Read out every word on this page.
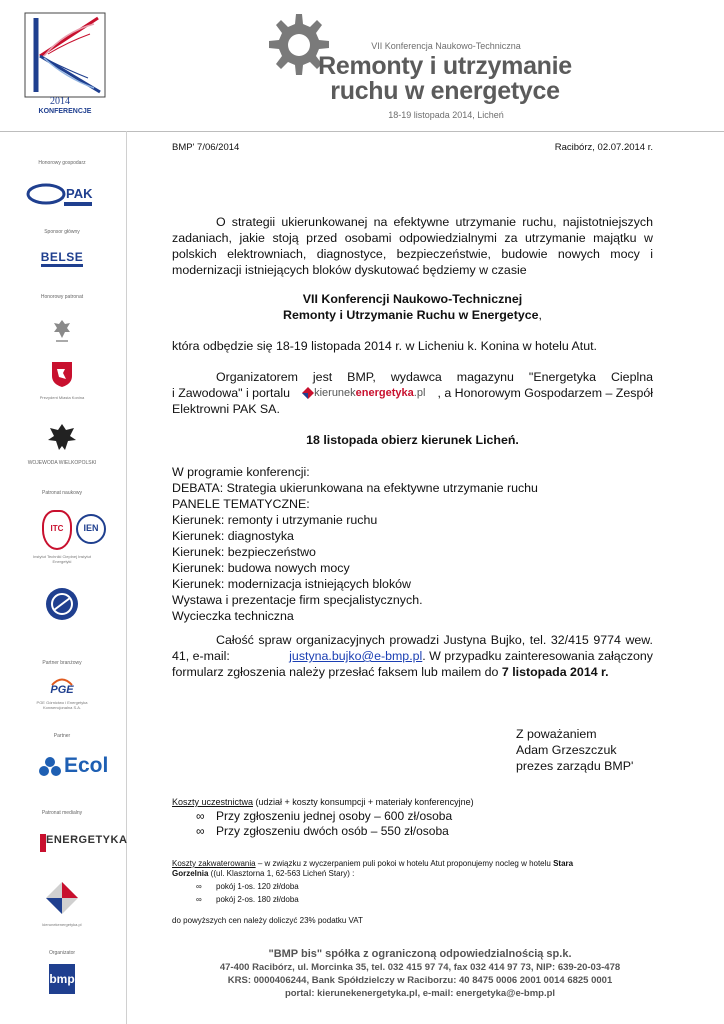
2014
KONFERENCJE
VII Konferencja Naukowo-Techniczna
Remonty i utrzymanie
ruchu w energetyce
18-19 listopada 2014, Licheń
Honorowy gospodarz
PAK
Sponsor główny
BELSE
Honorowy patronat
Prezydent Miasta Konina
WOJEWODA WIELKOPOLSKI
Patronat naukowy
ITC	IEN
Instytut Techniki Cieplnej Instytut Energetyki
Partner branżowy
PGE
PGE Górnictwo i Energetyka Konwencjonalna S.A.
Partner
Ecol
Patronat medialny
ENERGETYKA
kierunekenergetyka.pl
Organizator
bmp
BMP' 7/06/2014	Racibórz, 02.07.2014 r.
O strategii ukierunkowanej na efektywne utrzymanie ruchu, najistotniejszych zadaniach, jakie stoją przed osobami odpowiedzialnymi za utrzymanie majątku w polskich elektrowniach, diagnostyce, bezpieczeństwie, budowie nowych mocy i modernizacji istniejących bloków dyskutować będziemy w czasie
VII Konferencji Naukowo-Technicznej
Remonty i Utrzymanie Ruchu w Energetyce,
która odbędzie się 18-19 listopada 2014 r. w Licheniu k. Konina w hotelu Atut.
Organizatorem jest BMP, wydawca magazynu "Energetyka Cieplna
i Zawodowa" i portalu kierunek energetyka .pl , a Honorowym Gospodarzem – Zespół
Elektrowni PAK SA.
18 listopada obierz kierunek Licheń.
W programie konferencji:
DEBATA: Strategia ukierunkowana na efektywne utrzymanie ruchu
PANELE TEMATYCZNE:
Kierunek: remonty i utrzymanie ruchu
Kierunek: diagnostyka
Kierunek: bezpieczeństwo
Kierunek: budowa nowych mocy
Kierunek: modernizacja istniejących bloków
Wystawa i prezentacje firm specjalistycznych.
Wycieczka techniczna
Całość spraw organizacyjnych prowadzi Justyna Bujko, tel. 32/415 9774 wew.
41, e-mail:	justyna.bujko@e-bmp.pl. W przypadku zainteresowania załączony
formularz zgłoszenia należy przesłać faksem lub mailem do 7 listopada 2014 r.
Z poważaniem
Adam Grzeszczuk
prezes zarządu BMP'
Koszty uczestnictwa (udział + koszty konsumpcji + materiały konferencyjne)
∞ Przy zgłoszeniu jednej osoby – 600 zł/osoba
∞ Przy zgłoszeniu dwóch osób – 550 zł/osoba
Koszty zakwaterowania – w związku z wyczerpaniem puli pokoi w hotelu Atut proponujemy nocleg w hotelu Stara
Gorzelnia ((ul. Klasztorna 1, 62-563 Licheń Stary) :
∞ pokój 1-os. 120 zł/doba
∞ pokój 2-os. 180 zł/doba
do powyższych cen należy doliczyć 23% podatku VAT
"BMP bis" spółka z ograniczoną odpowiedzialnością sp.k.
47-400 Racibórz, ul. Morcinka 35, tel. 032 415 97 74, fax 032 414 97 73, NIP: 639-20-03-478
KRS: 0000406244, Bank Spółdzielczy w Raciborzu: 40 8475 0006 2001 0014 6825 0001
portal: kierunekenergetyka.pl, e-mail: energetyka@e-bmp.pl
